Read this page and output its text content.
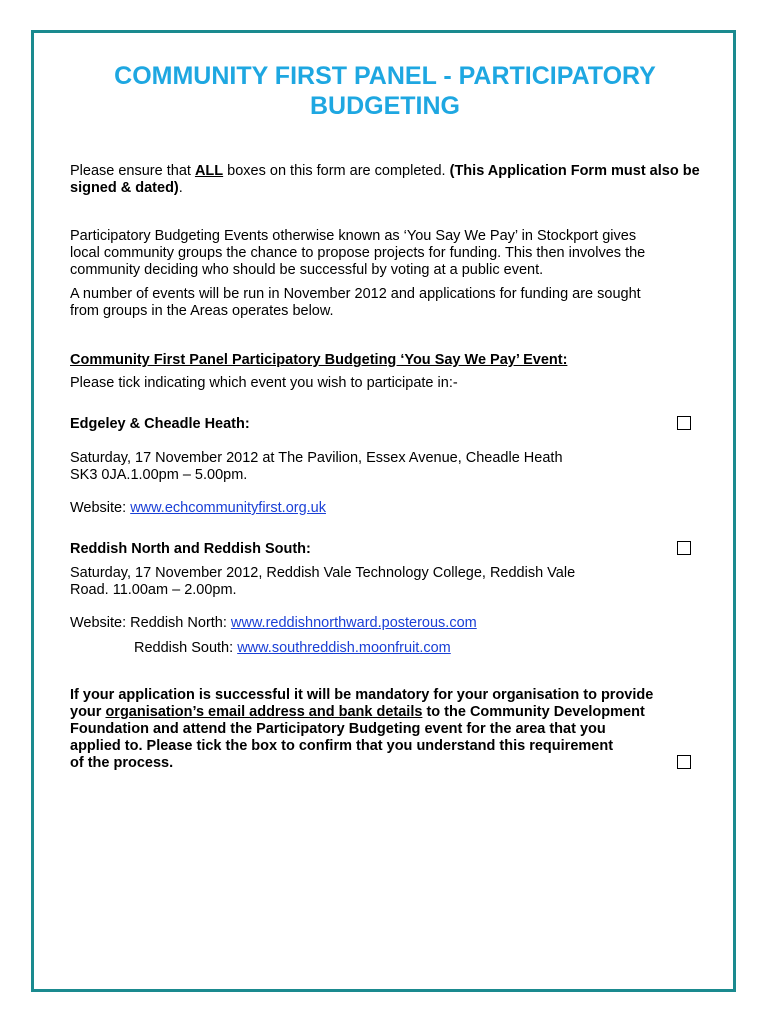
COMMUNITY FIRST PANEL - PARTICIPATORY
BUDGETING

Please ensure that ALL boxes on this form are completed. (This Application Form must also be signed & dated).

Participatory Budgeting Events otherwise known as ‘You Say We Pay’ in Stockport gives
local community groups the chance to propose projects for funding. This then involves the
community deciding who should be successful by voting at a public event.
A number of events will be run in November 2012 and applications for funding are sought
from groups in the Areas operates below.
Community First Panel Participatory Budgeting ‘You Say We Pay’ Event:
Please tick indicating which event you wish to participate in:-
Edgeley & Cheadle Heath:
Saturday, 17 November 2012 at The Pavilion, Essex Avenue, Cheadle Heath
SK3 0JA.1.00pm – 5.00pm.
Website: www.echcommunityfirst.org.uk
Reddish North and Reddish South:
Saturday, 17 November 2012, Reddish Vale Technology College, Reddish Vale
Road. 11.00am – 2.00pm.
Website: Reddish North: www.reddishnorthward.posterous.com
Reddish South: www.southreddish.moonfruit.com
If your application is successful it will be mandatory for your organisation to provide
your organisation’s email address and bank details to the Community Development
Foundation and attend the Participatory Budgeting event for the area that you
applied to. Please tick the box to confirm that you understand this requirement
of the process.
